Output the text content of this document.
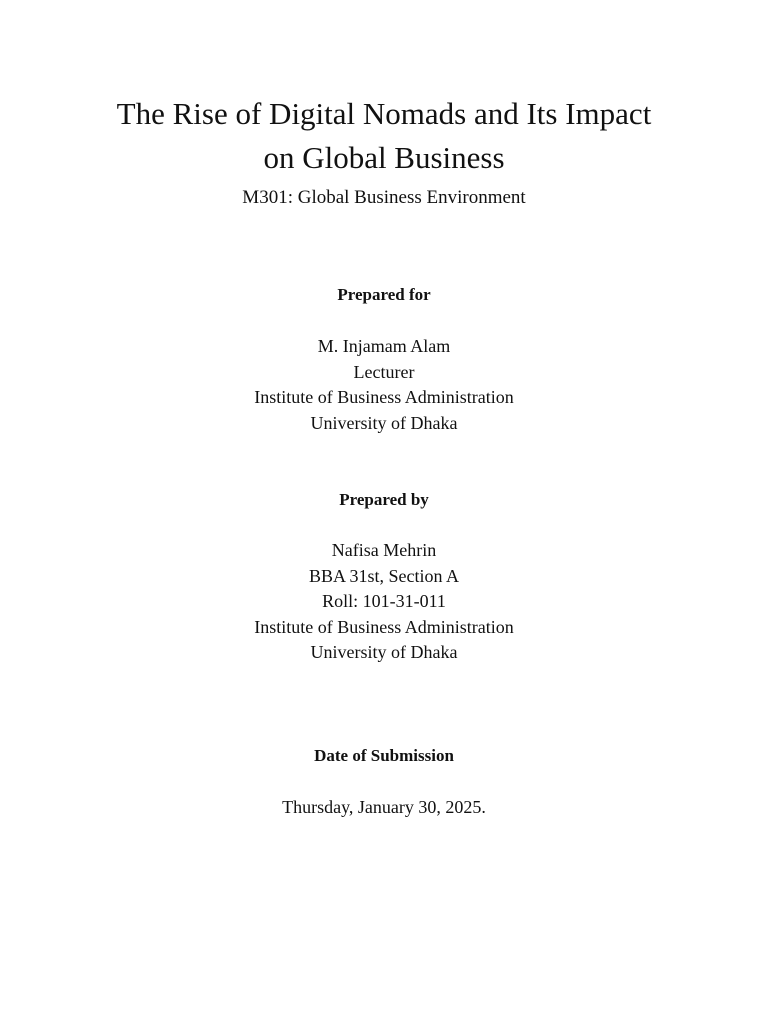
The Rise of Digital Nomads and Its Impact
on Global Business
M301: Global Business Environment
Prepared for
M. Injamam Alam
Lecturer
Institute of Business Administration
University of Dhaka
Prepared by
Nafisa Mehrin
BBA 31st, Section A
Roll: 101-31-011
Institute of Business Administration
University of Dhaka
Date of Submission
Thursday, January 30, 2025.
